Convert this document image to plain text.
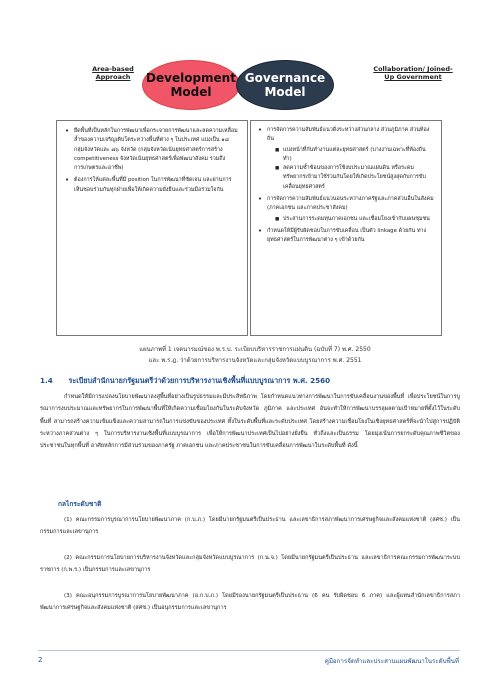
Area-based Approach	Development
Model
Governance
Model
Collaboration/ Joined-Up Government
• ยึดพื้นที่เป็นหลักในการพัฒนาเพื่อกระจายการพัฒนาและลดความเหลื่อมล้ำของความเจริญเติบโตระหว่างพื้นที่ต่าง ๆ ในประเทศ แบ่งเป็น ๑๘ กลุ่มจังหวัดและ ๗๖ จังหวัด (กลุ่มจังหวัดเน้นยุทธศาสตร์การสร้าง competitiveness จังหวัดเน้นยุทธศาสตร์เพื่อพัฒนาสังคม รวมถึงการเกษตรและอาชีพ)
• ต้องการให้แต่ละพื้นที่มี position ในการพัฒนาที่ชัดเจน และผ่านการเห็นชอบร่วมกันทุกฝ่ายเพื่อให้เกิดความยั่งยืนและร่วมมือร่วมใจกัน
• การจัดการความสัมพันธ์แนวดิ่งระหว่างส่วนกลาง ส่วนภูมิภาค ส่วนท้องถิ่น
■ แบ่งหน้าที่กันทำงานแต่ละยุทธศาสตร์ (บางงานเฉพาะที่ท้องถิ่นทำ)
■ ลดความซ้ำซ้อนของการใช้งบประมาณแผ่นดิน หรือระดมทรัพยากรเข้ามาใช้ร่วมกันโดยให้เกิดประโยชน์สูงสุดกับการขับเคลื่อนยุทธศาสตร์
• การจัดการความสัมพันธ์แนวนอนระหว่างภาครัฐและภาคส่วนอื่นในสังคม (ภาคเอกชน และภาคประชาสังคม)
■ ประสานการระดมทุนภาคเอกชน และเชื่อมโยงเข้ากับแผนชุมชน
• กำหนดให้มีผู้รับผิดชอบในการขับเคลื่อน เป็นตัว linkage ด้วยกัน ทางยุทธศาสตร์ในการพัฒนาต่าง ๆ เข้าด้วยกัน
แผนภาพที่ 1 เจตนารมณ์ของ พ.ร.บ. ระเบียบบริหารราชการแผ่นดิน (ฉบับที่ 7) พ.ศ. 2550
และ พ.ร.ฎ. ว่าด้วยการบริหารงานจังหวัดและกลุ่มจังหวัดแบบบูรณาการ พ.ศ. 2551
1.4 ระเบียบสำนักนายกรัฐมนตรีว่าด้วยการบริหารงานเชิงพื้นที่แบบบูรณาการ พ.ศ. 2560

กำหนดให้มีการแปลงนโยบายพัฒนาลงสู่พื้นที่อย่างเป็นรูปธรรมและมีประสิทธิภาพ โดยกำหนดแนวทางการพัฒนาในการขับเคลื่อนงานของพื้นที่ เพื่อประโยชน์ในการบูรณาการงบประมาณและทรัพยากรในการพัฒนาพื้นที่ให้เกิดความเชื่อมโยงกันในระดับจังหวัด ภูมิภาค และประเทศ อันจะทำให้การพัฒนาบรรลุผลตามเป้าหมายที่ตั้งไว้ในระดับพื้นที่ สามารถสร้างความเข้มแข็งและความสามารถในการแข่งขันของประเทศ ทั้งในระดับพื้นที่และระดับประเทศ โดยสร้างความเชื่อมโยงในเชิงยุทธศาสตร์ที่จะนำไปสู่การปฏิบัติระหว่างภาคส่วนต่าง ๆ ในการบริหารงานเชิงพื้นที่แบบบูรณาการ เพื่อให้การพัฒนาประเทศเป็นไปอย่างยั่งยืน ทั่วถึงและเป็นธรรม โดยมุ่งเน้นการยกระดับคุณภาพชีวิตของประชาชนในทุกพื้นที่ อาศัยหลักการมีส่วนร่วมของภาครัฐ ภาคเอกชน และภาคประชาชนในการขับเคลื่อนการพัฒนาในระดับพื้นที่ ดังนี้

กลไกระดับชาติ

(1) คณะกรรมการบูรณาการนโยบายพัฒนาภาค (ก.บ.ภ.) โดยมีนายกรัฐมนตรีเป็นประธาน และเลขาธิการสภาพัฒนาการเศรษฐกิจและสังคมแห่งชาติ (สศช.) เป็นกรรมการและเลขานุการ

(2) คณะกรรมการนโยบายการบริหารงานจังหวัดและกลุ่มจังหวัดแบบบูรณาการ (ก.น.จ.) โดยมีนายกรัฐมนตรีเป็นประธาน และเลขาธิการคณะกรรมการพัฒนาระบบราชการ (ก.พ.ร.) เป็นกรรมการและเลขานุการ

(3) คณะอนุกรรมการบูรณาการนโยบายพัฒนาภาค (อ.ก.บ.ภ.) โดยมีรองนายกรัฐมนตรีเป็นประธาน (6 คน รับผิดชอบ 6 ภาค) และผู้แทนสำนักเลขาธิการสภาพัฒนาการเศรษฐกิจและสังคมแห่งชาติ (สศช.) เป็นอนุกรรมการและเลขานุการ

2	คู่มือการจัดทำและประสานแผนพัฒนาในระดับพื้นที่
